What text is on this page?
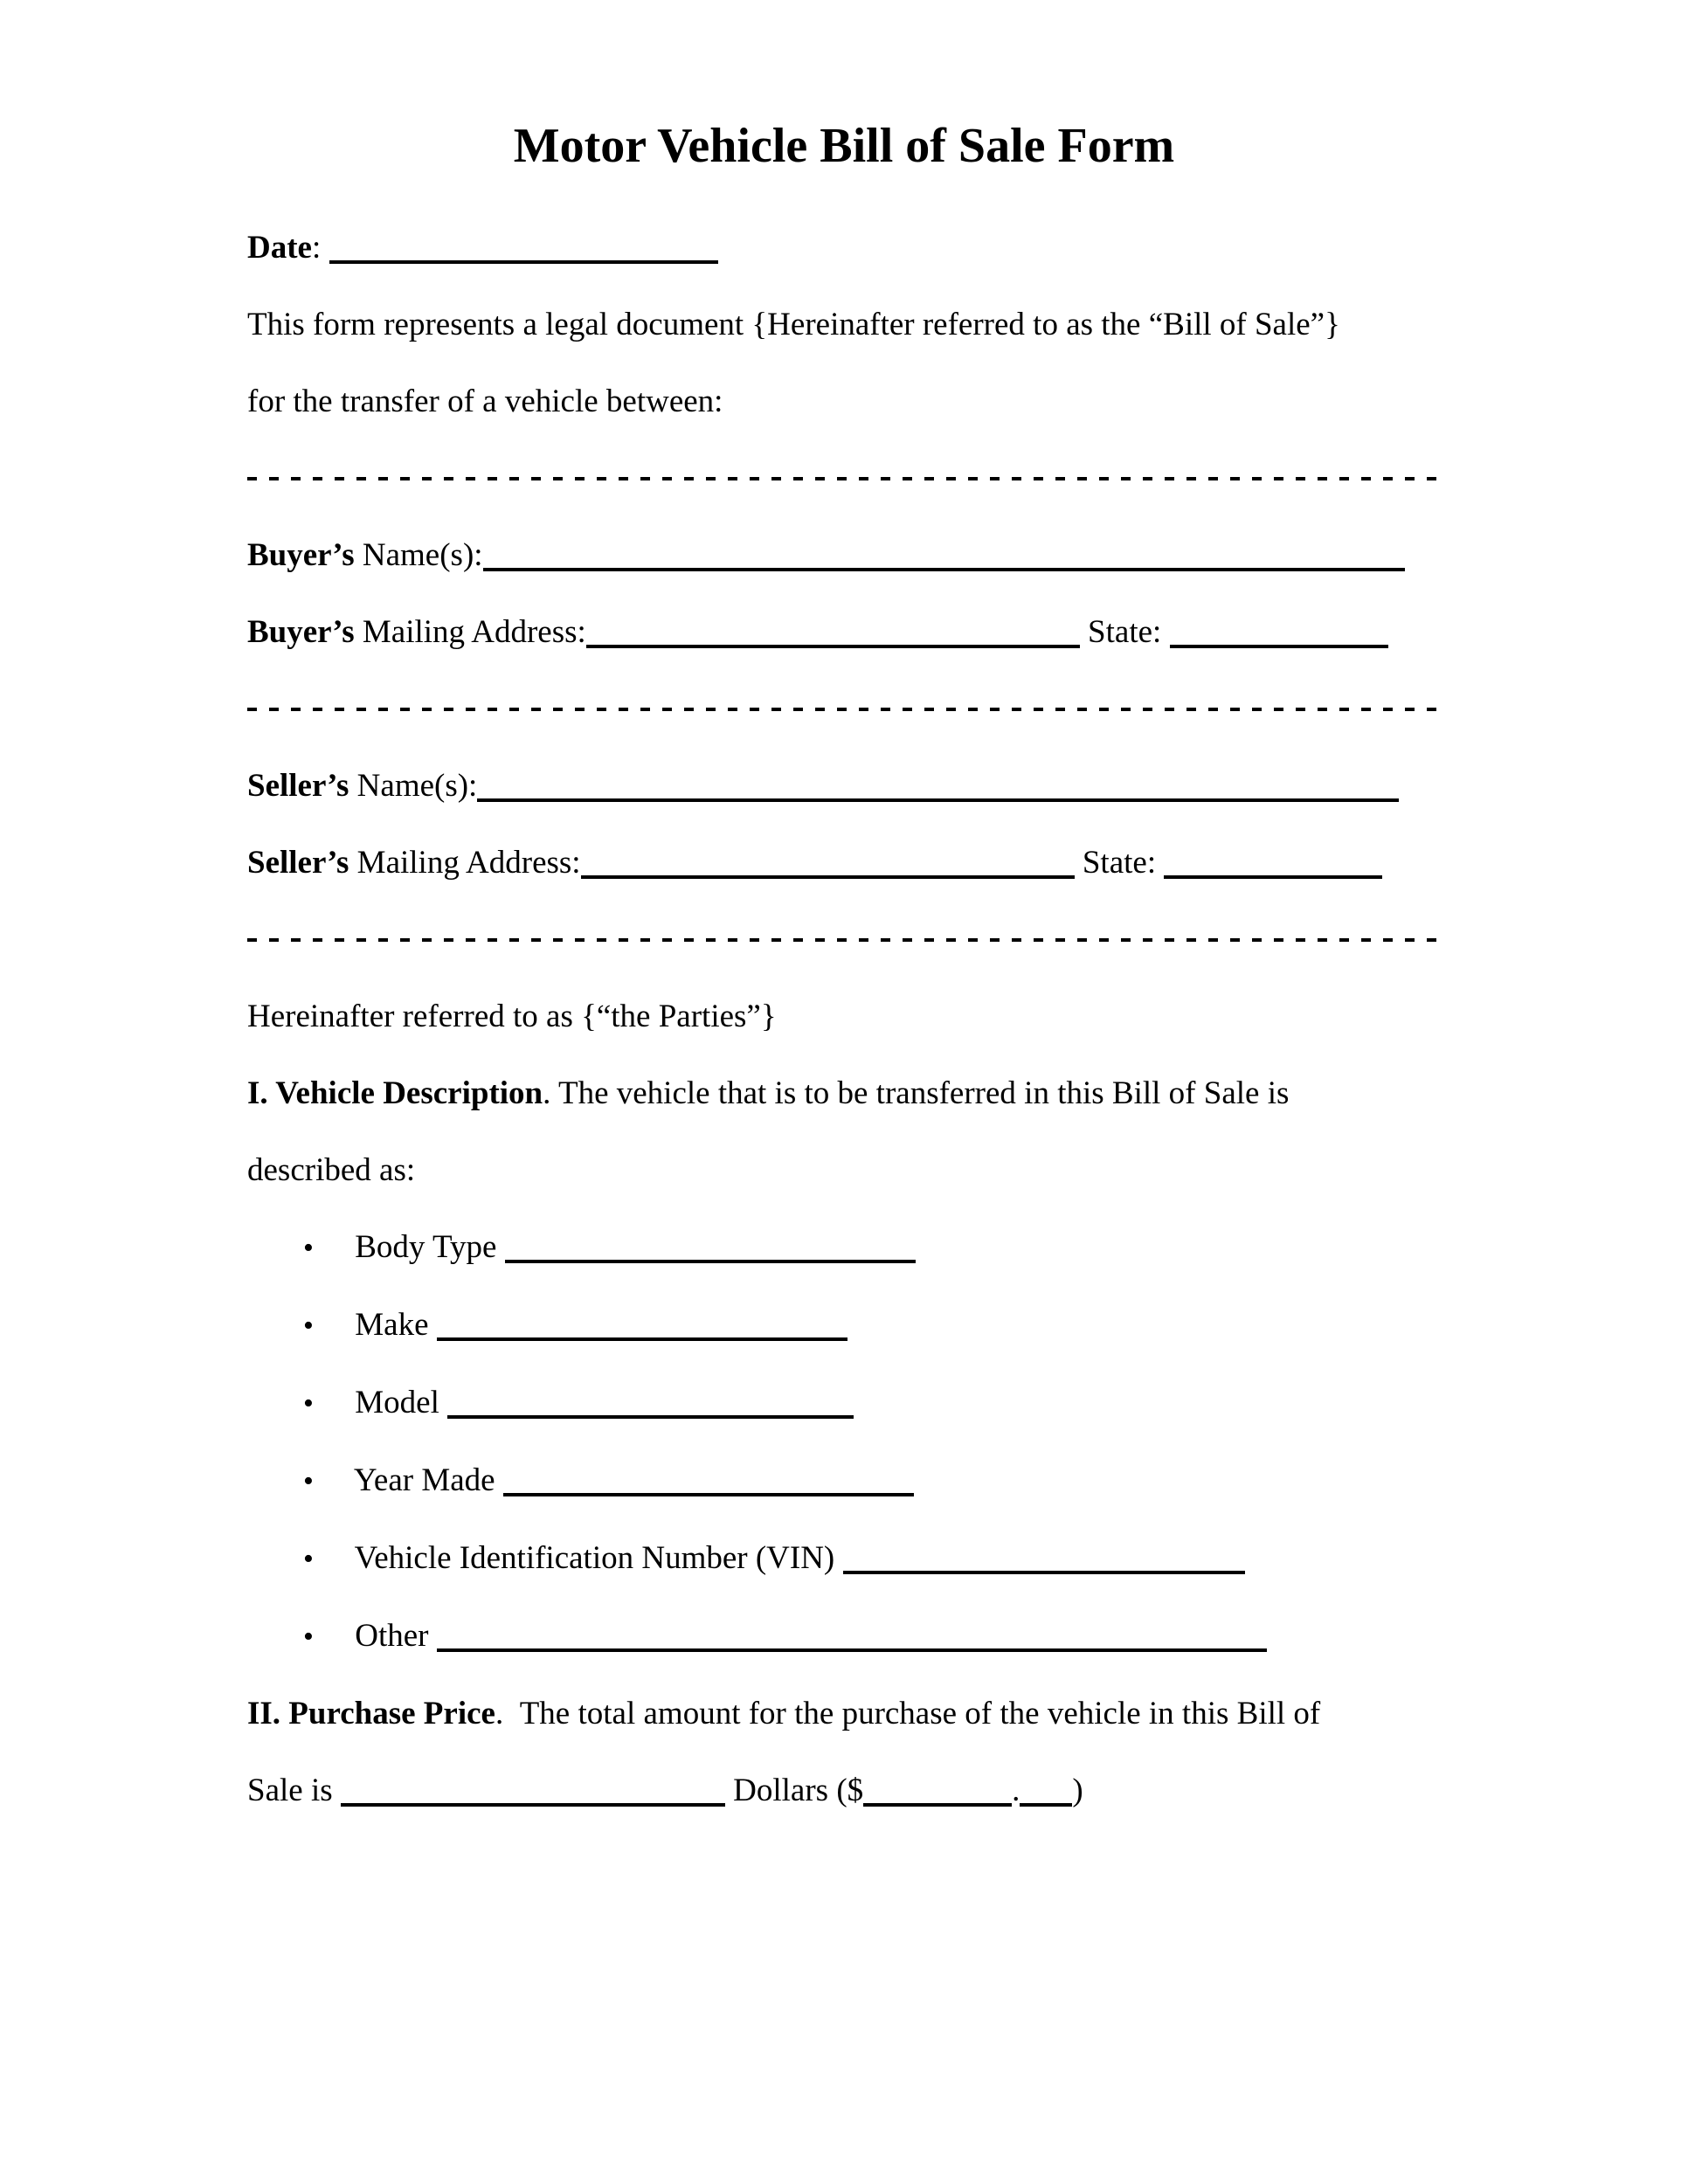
Motor Vehicle Bill of Sale Form
Date:
This form represents a legal document {Hereinafter referred to as the “Bill of Sale”}
for the transfer of a vehicle between:
Buyer’s Name(s):
Buyer’s Mailing Address:	State:
Seller’s Name(s):
Seller’s Mailing Address:	State:
Hereinafter referred to as {“the Parties”}
I. Vehicle Description. The vehicle that is to be transferred in this Bill of Sale is
described as:
• Body Type
• Make
• Model
• Year Made
• Vehicle Identification Number (VIN)
• Other
II. Purchase Price.  The total amount for the purchase of the vehicle in this Bill of
Sale is	Dollars ($	. )
